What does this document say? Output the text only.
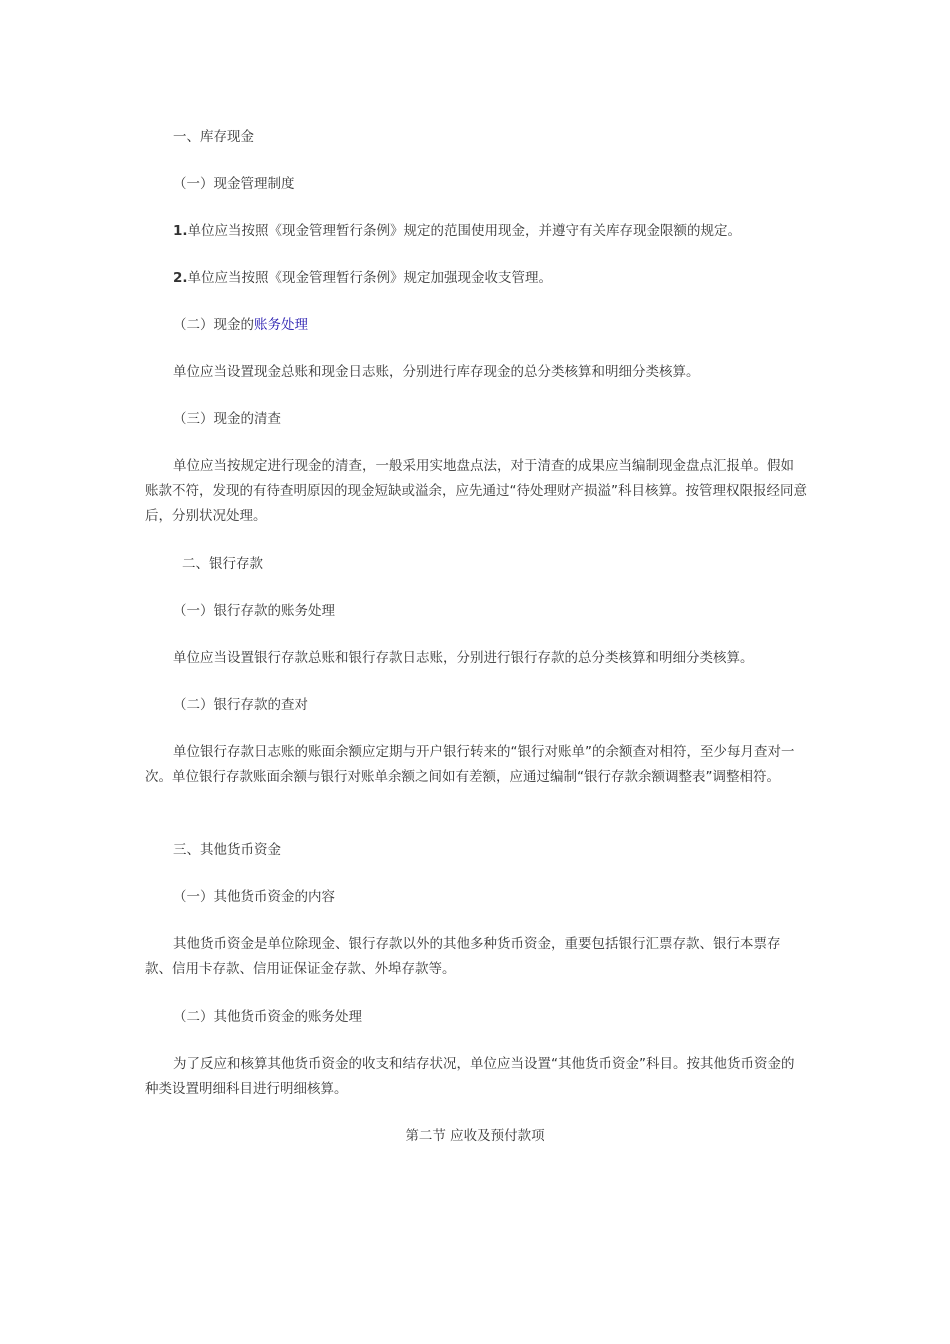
一、库存现金

（一）现金管理制度

1.单位应当按照《现金管理暂行条例》规定的范围使用现金，并遵守有关库存现金限额的规定。

2.单位应当按照《现金管理暂行条例》规定加强现金收支管理。

（二）现金的账务处理

单位应当设置现金总账和现金日志账，分别进行库存现金的总分类核算和明细分类核算。

（三）现金的清查

单位应当按规定进行现金的清查，一般采用实地盘点法，对于清查的成果应当编制现金盘点汇报单。假如账款不符，发现的有待查明原因的现金短缺或溢余，应先通过“待处理财产损溢”科目核算。按管理权限报经同意后，分别状况处理。

二、银行存款

（一）银行存款的账务处理

单位应当设置银行存款总账和银行存款日志账，分别进行银行存款的总分类核算和明细分类核算。

（二）银行存款的查对

单位银行存款日志账的账面余额应定期与开户银行转来的“银行对账单”的余额查对相符，至少每月查对一次。单位银行存款账面余额与银行对账单余额之间如有差额，应通过编制“银行存款余额调整表”调整相符。

三、其他货币资金

（一）其他货币资金的内容

其他货币资金是单位除现金、银行存款以外的其他多种货币资金，重要包括银行汇票存款、银行本票存款、信用卡存款、信用证保证金存款、外埠存款等。

（二）其他货币资金的账务处理

为了反应和核算其他货币资金的收支和结存状况，单位应当设置“其他货币资金”科目。按其他货币资金的种类设置明细科目进行明细核算。

第二节 应收及预付款项
